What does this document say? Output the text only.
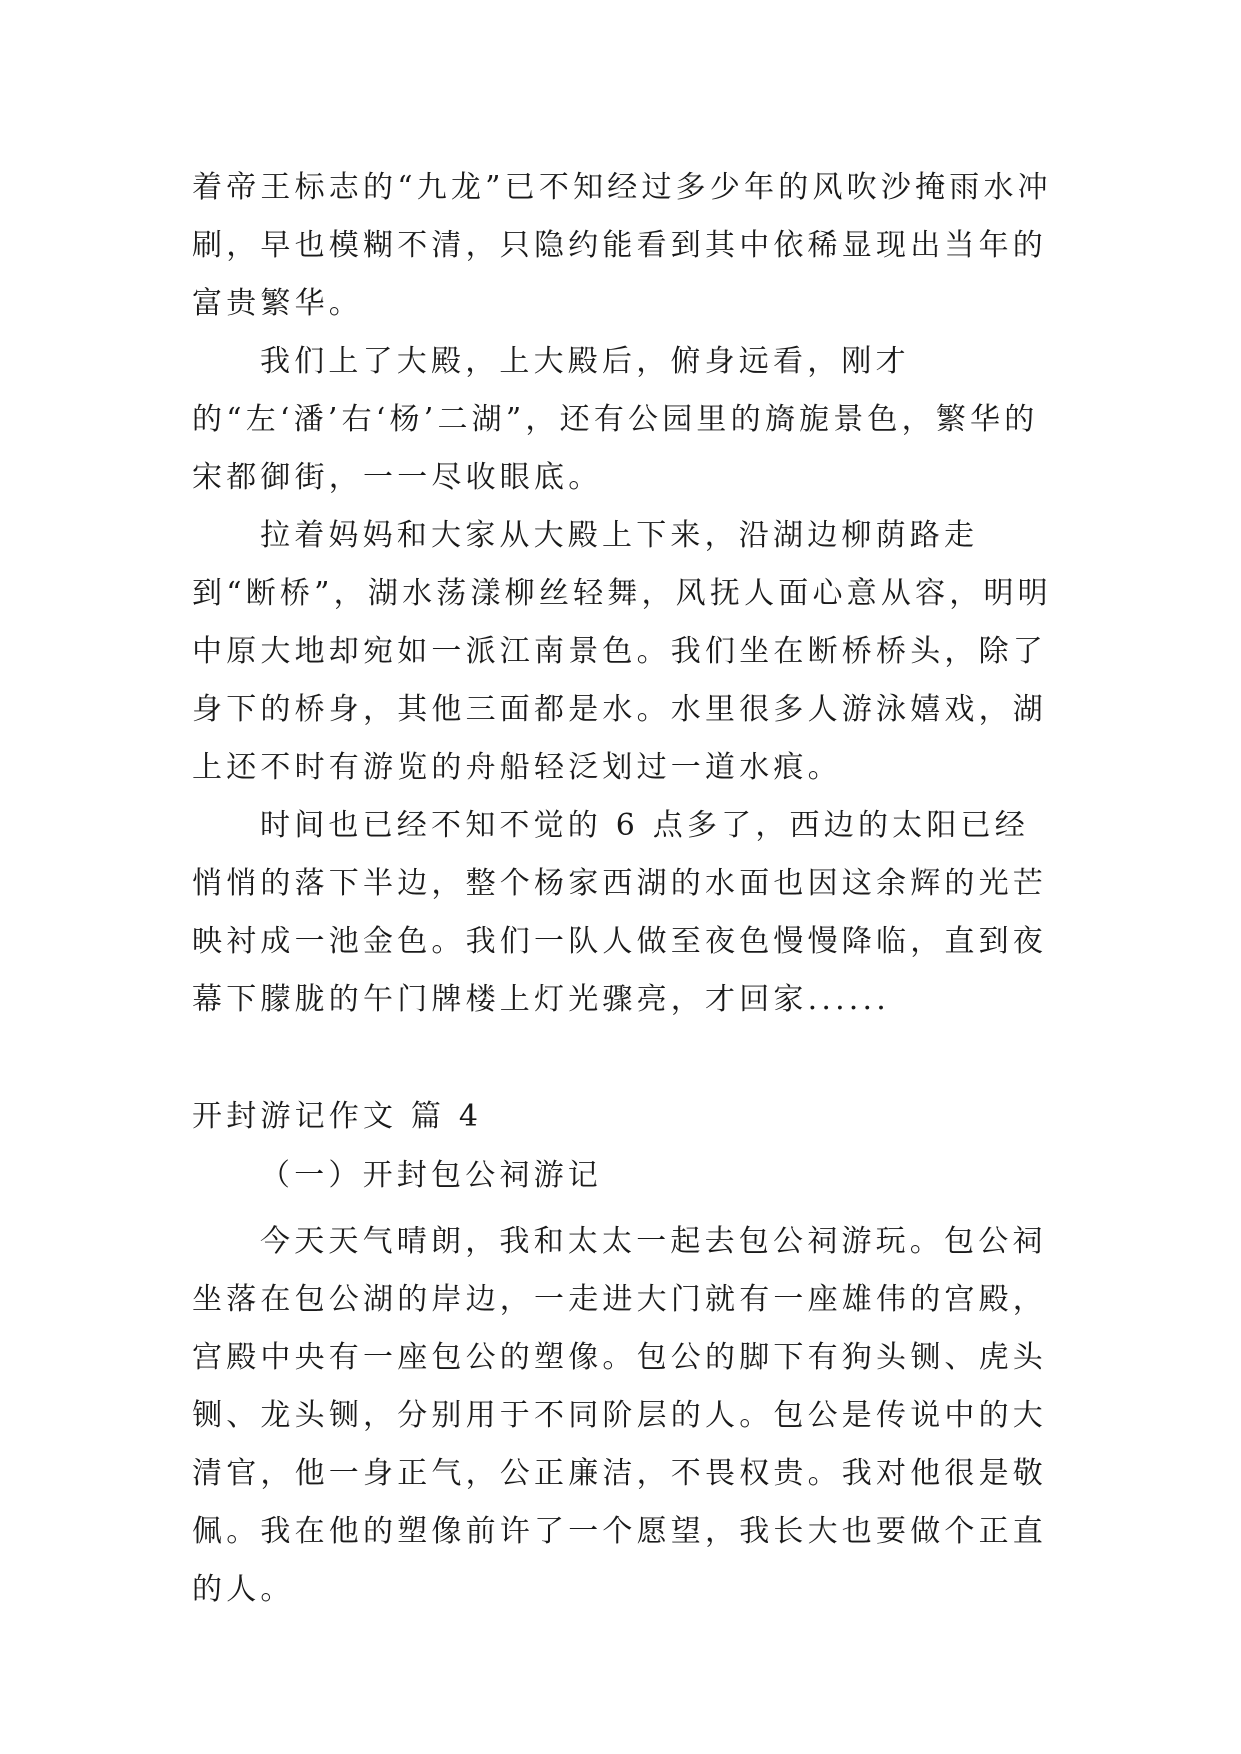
着帝王标志的“九龙”已不知经过多少年的风吹沙掩雨水冲刷，早也模糊不清，只隐约能看到其中依稀显现出当年的富贵繁华。

我们上了大殿，上大殿后，俯身远看，刚才的“左‘潘’右‘杨’二湖”，还有公园里的旖旎景色，繁华的宋都御街，一一尽收眼底。

拉着妈妈和大家从大殿上下来，沿湖边柳荫路走到“断桥”，湖水荡漾柳丝轻舞，风抚人面心意从容，明明中原大地却宛如一派江南景色。我们坐在断桥桥头，除了身下的桥身，其他三面都是水。水里很多人游泳嬉戏，湖上还不时有游览的舟船轻泛划过一道水痕。

时间也已经不知不觉的 6 点多了，西边的太阳已经悄悄的落下半边，整个杨家西湖的水面也因这余辉的光芒映衬成一池金色。我们一队人做至夜色慢慢降临，直到夜幕下朦胧的午门牌楼上灯光骤亮，才回家......

开封游记作文 篇 4
（一）开封包公祠游记

今天天气晴朗，我和太太一起去包公祠游玩。包公祠坐落在包公湖的岸边，一走进大门就有一座雄伟的宫殿，宫殿中央有一座包公的塑像。包公的脚下有狗头铡、虎头铡、龙头铡，分别用于不同阶层的人。包公是传说中的大清官，他一身正气，公正廉洁，不畏权贵。我对他很是敬佩。我在他的塑像前许了一个愿望，我长大也要做个正直的人。
